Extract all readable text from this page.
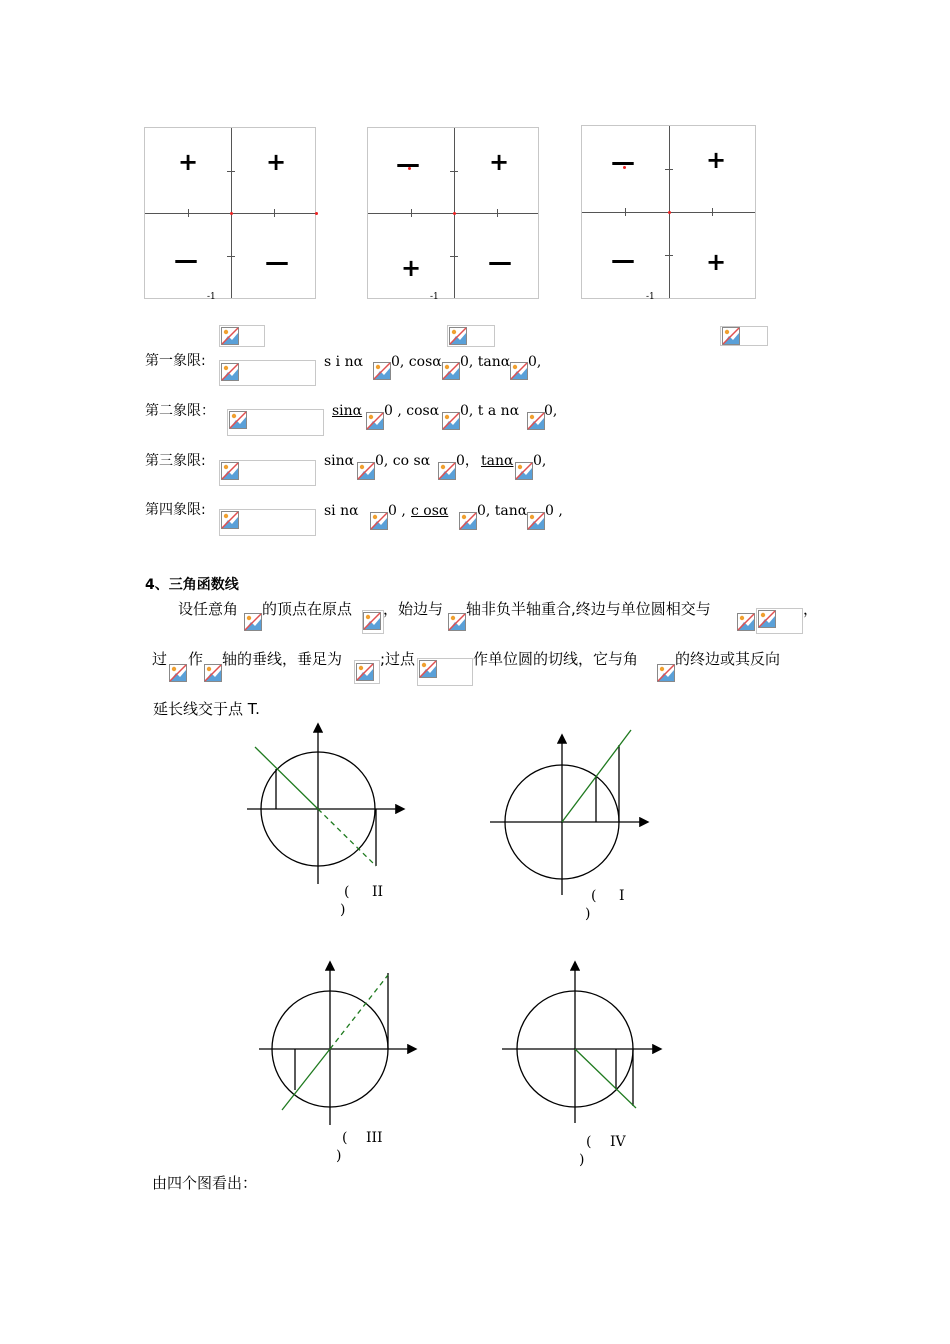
+	+
—	—
-1
—	+
+	—
-1
—	+
—	+
-1
第一象限:	s i nα 0, cosα 0, tanα 0,
第二象限：	sinα 0 , cosα 0, t a nα 0,
第三象限:	sinα 0, co sα 0， tanα 0,
第四象限:	si nα 0 , c osα 0, tanα 0 ,
4、三角函数线
设任意角 的顶点在原点 ，始边与 轴非负半轴重合,终边与单位圆相交与	，
过 作 轴的垂线，垂足为	;过点	作单位圆的切线，它与角 的终边或其反向
延长线交于点 T.
( II
)
( I
)
( III
)
( IV
)
由四个图看出：
